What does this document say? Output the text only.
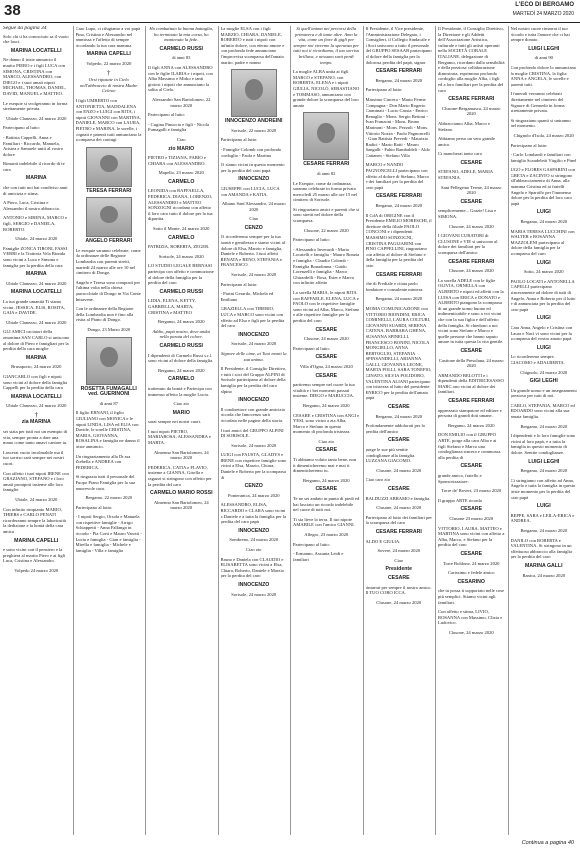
38	L'ECO DI BERGAMO
MARTEDÌ 24 MARZO 2020
Segue da pagina 34
Solo chi ti ha conosciuto sa il vuoto che lasci.
MARINA LOCATELLI
Ne danno il triste annuncio il marito PIERO e i figli LUCA con SIMONA, CRISTINA con MARCO, ALESSANDRO, con DIEGO e i suoi amati nipoti MICHAEL, THOMAS, DANIEL, DAVID, MANUEL e MATTEO.
Le esequie si svolgeranno in forma strettamente privata.
Ubiale Clanezzo, 24 marzo 2020
Partecipano al lutto:
- Battista Cappelli, Anna e Familiari - Riccardo, Manuela, Aristea e Samuele uniti al vostro dolore
Rimarrà indelebile il ricordo di te cara
MARINA
che con tutti noi hai condiviso anni di amicizia e stima.
A Piero, Luca, Cristina e Alessandro il nostro abbraccio.
ANTONIO e SIRENA, MARCO e figli, SERGIO e DANIELA, ROBERTO.
Ubiale, 24 marzo 2020
Famiglie ZONCA TIRONI, FASSI VERRI e la Trattoria Vela Bionda sono vicini a Luca e Simona e famiglia per la perdita della cara
MARINA
Ubiale Clanezzo, 24 marzo 2020
MARINA LOCATELLI
La tua grande umanità Ti siamo vicini. JESSICA, ELIS, ROSITA, GAIA e DAVIDE.
Ubiale Clanezzo, 24 marzo 2020
GLI AMICI caciatori della omonima SAN CARLO si uniscono al dolore di Piero e famigliari per la perdita della cara moglie
MARINA
Brusaporto, 24 marzo 2020
GIANCARLO con figli e nipoti sono vicini al dolore della famiglia Cappelli per la perdita della cara
MARINA LOCATELLI
Ubiale Clanezzo, 24 marzo 2020
†
zia MARINA
sei stata per tutti noi un esempio di vita, sempre pronta a dare una mano come tanto amavi cantare tu.
Lascerai vuoto incolmabile ma il tuo sorriso sarà sempre nei nostri cuori.
Con affetto i tuoi nipoti IRENE con GRAZIANO, STEFANO e i loro amati pronipoti insieme alle loro famiglie.
Ubiale, 24 marzo 2020
Con infinito rimpianto MARIO, THIERS e CARLO PENATI ricorderanno sempre la laboriosità la dedizione e la bontà della cara amica
MARINA CAPELLI
e sono vicini con il pensiero e la preghiera al marito Piero e ai figli Luca, Cristina e Alessandro.
Volpedo 24 marzo 2020
Caro Lupo, ci rifugiamo a voi papà Pino, Cristina e Alessandro nel ammissa e l'affetto di sempre ricordando la tua cara mamma
MARINA CAPELLI
Volpedo, 22 marzo 2020
†
Orsi ripasate in Cielo nell'abbraccio di nostra Madre Celeste
I figli UMBERTO con ANTONIETTA, MADDALENA con ENZO e LUIGI con RITA, i nipoti GIOVANNI con MARTINA, DANIELE, MARCO con LAURA, PIETRO e MARINA, le sorelle, i cognati e parenti tutti annunciano la scomparsa dei coniugi
TERESA FERRARI
ANGELO FERRARI
Le esequie saranno celebrate, come da ordinanze delle Regione Lombardia con parenti stretti, martedì 24 marzo alle ore 10 nel cimitero di Dongo.
Angelo e Teresa sono composti per l'ultima volta nella chiesa parrocchiale di Dongo in Via Conte Intravene.
Con le ordinanze della Regione della Lombardia non è fino alla visita al Piano dì Dongo.
Dongo, 23 Marzo 2020
ROSETTA FUMAGALLI ved. GUERINONI
di anni 87
Il figlio ERNANI, il figlio GIULIANO con MONICA e le nipoti LINDA, LISA ed ELIA con Davide, le sorelle CRISTINA, MARIA, GIOVANNA, ROSALINA e famiglia ne danno il triste annuncio.
Un ringraziamento alla Dr.ssa Ziebella e ANDREA con FEDERICA.
Si ringrazia tutti il personale del Fuopo Piano Famiglia per la sua amorevole cura.
Bergamo, 22 marzo 2020
Partecipano al lutto:
- I nipoti Sergio, Orsola e Manuela con rispettive famiglie - Arrigo Schiappetti - Anna Fallanga in ricordo - Pia Corti e Mauro Varotti - Lucia e famiglia - Gian e famiglia - Mirella e famiglia - Michele e famiglia - Villa e famiglia
Ho combattuto la buona battaglia, ho terminato la mia corsa, ho mantenuto la fede.
CARMELO RUSSI
di anni 83
Il figli ANNA con ALESSANDRO con le figlie ILARIA e i nipoti, con Alba Massimo e Mirko e tanti gioiosi i nipoti che annunciano la salita al Cielo.
Alessandro San Bartolomeo, 22 marzo 2020
Partecipano al lutto:
- Cugina Pinuccia e figli - Nicola Fumagalli e famiglia
Ciao
zio MARIO
PIETRO e TIZIANA, FABIO e CHIARA con ALESSANDRO.
Mapello, 23 marzo 2020
CARMELO
LEONIDA con RAFFAELLA, FEDERICA, DIANA, LORENZO, ALESSANDRO e MATTEO SONZOGNI ricordano con affetto il loro caro tutto il dolore per la tua dipartita.
Sotto il Monte, 24 marzo 2020
CARMELO
PATRIZIA, ROBERTA, ZEGER.
Sorisole, 24 marzo 2020
LO STUDIO LEGALE BERNASI partecipa con affetto e commozione al dolore della famiglia per la perdita del caro
CARMELO RUSSI
LIDIA, ELENA, KETTY, GABRIELLA, MARTA, CRISTINA e MATTEO
Bergamo, 24 marzo 2020
Addio, papà nostro, dove andai nella parata del colore.
CARMELO RUSSI
I dipendenti di Carmelo Russi s.r.l. sono vicini al dolore della famiglia.
Bergamo, 24 marzo 2020
CARMELO
trattenuto da bontà e Partecipa con immenso affetto la moglie Lucia.
Ciao zio
MARIO
sarai sempre nei nostri cuori.
I tuoi nipoti PIETRO, MARIAROSA, ALESSANDRA e MARTA.
Almenno San Bartolomeo, 24 marzo 2020
FEDERICA, CATIA e FLAVIO, insieme a GIANNA, Gisella e ragazzi si stringono con affetto per la perdita del caro
CARMELO MARIO ROSSI
Almenno San Bartolomeo, 24 marzo 2020
La moglie ELSA con i figli MARZIO, CHIARA, DANIELE, ROBERTO e tutti i nipoti con infinito dolore, con eterno amore e con profonda fede annunciano l'improvvisa scomparsa dell'amato marito, padre e nonno
INNOCENZO ANDREINI
Sorisole, 22 marzo 2020
Partecipano al lutto:
- Famiglie Colomb con profondo cordoglio - Paola e Martina
Ti siamo vicini in questo momento per la perdita del caro papà
INNOCENZO
GIUSEPPE con LUCIA, LUCA con AMANDA e KATIA.
Albano Sant'Alessandro, 24 marzo 2020
Ciao
CENZO
Ti ricorderemo sempre per la tua bontà e gentilezza e siamo vicini al dolore di Elsa, Marzio e famiglia, Daniele e Roberto. I tuoi affetti RENATA e RENO, STEFANIA e FRANCESCO.
Sorisole, 24 marzo 2020
Partecipano al lutto:
- Parini Gerardo, Michela ed Emiliano
GRAZIELLA con TIBERIO, LUCA e MARCO sono vicini con affetto ad Elsa e figli per la perdita del caro
INNOCENZO
Sorisole, 24 marzo 2020
Signore delle cime, ai Tuoi monti la sua anima.
Il Presidente, il Consiglio Direttivo, e tutti i soci del Gruppo ALPINI di Sorisole partecipano al dolore della famiglia per la perdita del caro alpino
INNOCENZO
Il condirettore con grande amicizia ricorda che Innocenzo sarà ricordato nelle pagine della storia.
I tuoi amici del GRUPPO ALPINI DI SORISOLE.
Sorisole, 24 marzo 2020
LUIGI con FAUSTA, GLADYS e IRENE con rispettive famiglie sono vicini a Elsa, Marzio, Chiara, Daniele e Roberto per la scomparsa di
CENZO
Ponteranica, 24 marzo 2020
ALESSANDRO, ELISA, RICCARDO e CLARA sono vicini a Daniele e a tutta la famiglia per la perdita del caro papà
INNOCENZO
Sombreno, 24 marzo 2020
Ciao zio
Bruno e Daniela con CLAUDIO e ELISABETTA sono vicini a Elsa, Chiara, Roberto, Daniele e Marzio per la perdita del caro
INNOCENZO
Sorisole, 24 marzo 2020
Si quell'anima nei percorsi della primavera e di tante altre. Amo la vita, come un fiore di gigli per sempre noi vivremo la speranza per tutti noi ti ricordiamo, il tuo sorriso brillava, e nessuno sarà perdi tempo.
La moglie ALBA unita ai figli MARCO e STEFANO, con ROBERTA, ELENA e i nipoti GIULIA, NICOLÒ, SEBASTIANO e TOMMASO, annunciano con grande dolore la scomparsa del loro amato
CESARE FERRARI
di anni 82
Le Esequie, come da ordinanza, saranno celebrate in forma privata mercoledì 25 marzo alle ore 15 nel cimitero di Sorisole.
Si ringraziano amici e parenti che si sono stretti nel dolore della scomparsa.
Clusone, 22 marzo 2020
Partecipano al lutto:
- Alessandro Inverardi - Mario Locatelli e famiglia - Mauro Ronzia e famiglia - Claudio Colomb - Famiglia Bonadonna - Guido Lorenzelli e famiglia - Marco Ghirardelli - Rosa, Ester e Marco con infinito affetto
La sorella MARIA, le nipoti RITA con RAFFAELE, ELENA, LUCA e PAOLO con le rispettive famiglie sono vicini ad Alba, Marco, Stefano e alle rispettive famiglie per la perdita del caro
CESARE
Clusone, 24 marzo 2020
Partecipano al lutto:
CESARE
Villa d'Ogna, 24 marzo 2020
CESARE
partiremo sempre nel cuore la tua vitalità e i bei momenti passati insieme. DIEGO e MARUCCIA.
Bergamo, 24 marzo 2020
CESARE e CRISTINA con ANGI e YESI, sono vicini a zia Alba, Marco e Stefano in questo momento di profonda tristezza.
Ciao zio
CESARE
Ti abbiamo voluto tanto bene, non ti dimenticheremo mai e mai ti dimenticheremo tu.
Bergamo, 24 marzo 2020
CESARE
Te ne sei andato in punta di piedi ed hai lasciato un ricordo indelebile nel cuore di tutti noi.
Ti sia lieve la terra. Il tuo nipote AMABILE con l'amico GIANNI.
Allegro, 23 marzo 2020
Partecipano al lutto:
- Ermanno, Assunta Leidi e familiari
Il Presidente, il Vice presidente, l'Amministrazione Delegato, i Consiglieri, il Collegio Sindacale e i Soci uniscono a tutto il personale del GRUPPO SESAAB partecipano al dolore della famiglia per la dolorosa perdita del papà, signor
CESARE FERRARI
Bergamo, 24 marzo 2020
Partecipano al lutto:
Massimo Cincera - Mario Ferme Compagna - Don Mario Rogerio Carminati - Lucio Cassia - Enrico Benaglio - Mons. Sergio Bettoni - Ivan Franzoni - Mons. Bruno Marinoni - Mons. Pezzoli - Mons. Vittorio Nozza - Paolo Pagnoncelli - Gian Battista Prevedi - Maurizio Radici - Mario Ratti - Mauro Sangalli - Fabio Rambaldeli - Aldo Cattaneo - Stefano Villa
MARCO e NANDO PAGNONCELLI partecipano con affetto al dolore di Stefano, Marco e dei familiari per la perdita del caro papà
CESARE FERRARI
Bergamo, 24 marzo 2020
Il CdA di ORIGINE con il Presidente EMILIO MORESCHI, il direttore della filiale PAOLO CONCONI e i dipendenti MASSIMO SONZOGNI, CRISTINA PAGLIARINI con PINO CAPPELLINI, ringraziano con affetto al dolore di Stefano e della famiglia per la perdita del caro
CESARE FERRARI
che di Prediale e citata parlo fondatore e consulente miniera.
Bergamo, 24 marzo 2020
MOMA COMUNICAZIONE con VITTORIO BIONDINI, ERICA COMINELLI, LAURA COLTURI, GIOVANNI SUARDI, SERENA CATENA, BARBARA GHENA, SUSANNA SPINELLI, FRANCESCO BONINI, NICOLA MONGIELLO, ANNA BERTOGLIO, STEFANIA SPINSANDELLI, ARIANNA GALLI, GIOVANNA LEONE, MARTA POLLI, SARA TONEFIO, GINATO, SILVIA POLIDORO, VALENTINA ALIANI partecipano con tristezza al lutto del presidente ENRICO per la perdita dell'amato papà
CESARE
Bergamo, 24 marzo 2020
Profondamente addolorati per la perdita dell'amico
CESARE
porge le sue più sentite condoglianze alla famiglia. LUZZANA GIACOMO.
Clusone, 24 marzo 2020
Ciao caro zio
CESARE
BALDUZZI ABRAMO e famiglia.
Clusone, 24 marzo 2020
Partecipano al lutto dei familiari per la scomparsa del caro
CESARE FERRARI
ALDO E GIULIA.
Sovere, 24 marzo 2020
Ciao
Presidente
CESARE
rimarrai per sempre il nostro amico. Il TUO CORO ICCA.
Clusone, 24 marzo 2020
Il Presidente, il Consiglio Direttivo, la Direzione e gli Addetti dell'Associazione Artistica, culturale e tutti gli artisti operanti nella SOCIETÀ CORALE ITALIANE, delegazione di Bergamo, ricordano dalla sensibilità e della preziosa collaborazione dimostrata, esprimono profondo cordoglio alla moglie Alba, i figli ed a loro familiari per la perdita del caro
CESARE FERRARI
Clusone-Bergamasca, 24 marzo 2020
Abbracciamo Alba, Marco e Stefano.
Abbiamo perso un vero grande amico.
Ci mancherai tanto caro
CESARE
STEFANO, ADELE, MARIA STEFANIA.
Sant Pellegrino Terme, 24 marzo 2020
CESARE
semplicemente... Grazie! Lisa e SIMONA.
Clusone, 24 marzo 2020
I GIOVANI CURATORI di CLUSONE e VIE si uniscono al dolore dei familiari per la scomparsa dell'amico
CESARE FERRARI
Clusone, 24 marzo 2020
La sorella ADELE con le figlie OLIVIA, ORNELLA con ALBERTO e nipoti ed affetti con la LUISA con ERICA e DONATO e ALBERTO piangono la scomparsa di un grande uomo buono ed indimenticabile e sono a voi vicini che con la sua figlia e dell'affetto della famiglia. Si chiedono a noi vicini sono Stefano e Marco e quelle persone che hanno saputo amare in tutta questa la vita gentile.
CESARE
Castione della Presolana, 24 marzo 2020
ARMANDO BELOTTI e i dipendenti della EDITRICESASSO MARC ono vicini al dolore dei familiari.
CESARE FERRARI
apprezzato stampatore ed editore e persona di grandi doti umane.
Bergamo, 24 marzo 2020
DON EMILIO con il GRUPPO ARTE, porge alla cara Alba e ai figli Stefano e Marco una condoglianza sincera e commossa alla perdita di
CESARE
grande amico, fratello e Sponsorizzatore.
Torre de' Roveri, 23 marzo 2020
Il gruppo ARTE ricorda
CESARE
Clusone 23 marzo 2020
VITTORIO, LAURA, MATTEO e MARTINA sono vicini con affetto a Alba, Marco, e Stefano per la perdita del caro
CESARE
Torre Boldone, 24 marzo 2020
Carissimo e fedele amico
CESARINO
che tu possa ti sopportato nelle cose più semplici. Stiamo vicini agli familiari.
Con affetto e stima, LIVIO, ROSANNA con Massimo, Clizia e Ludovico.
Clusone, 24 marzo 2020
Nel nostro cuore rimarrai il tuo ricordo e tutta l'amore che ci hai sempre donato.
LUIGI LEGHI
di anni 90
Con profondo dolore lo annunciano la moglie CRISTINA, la figlia ANNA e ANGELA, le sorelle e parenti tutti.
I funerali verranno celebrati direttamente nel cimitero del Signore di Gremedo in forma strettamente privata.
Si ringraziano quanti si uniranno nel momento.
Chignolo d'Isola, 24 marzo 2020
Partecipano al lutto:
- Carlo Lombardi e familiari con famiglia Scaudeletti Virgilio e Pinel
UGO e FLORES GASPARINI con GRETA e ZACINTO si stringono all'abbracciamento di Anna, alla mamma Cristina ed ai fratelli Angelo e Sparaffo per l'immenso dolore per la perdita del loro caro papà
LUIGI
Bergamo, 24 marzo 2020
MARIA TERESA LUCCHINI con WALTER e ROSANNA MAZZOLENI partecipano al dolore della famiglia per la scomparsa del caro
LUIGI
Sotto, 24 marzo 2020
PAOLO LOCATI e ANTONELLA CAPELLI partecipano sinceramente ad dolore di tutti di Angelo, Anna e Roberto per il lutto e di annunciata per la perdita del caro papà
LUIGI
Cara Anna, Angelo e Cristina con Laura e Nacì vi sono vicini per la scomparsa del vostro amato papà
LUIGI
Lo ricorderemo sempre. GIACOMO e ADALBERTA.
Chignolo, 24 marzo 2020
GIGI LEGHI
Un grande uomo e un insegnamento prezioso per tutti di noi.
CARLO, STEFANIA, MARCO ed EDOARDO sono vicini alla sua amata famiglia.
Bergamo, 24 marzo 2020
I dipendenti e lo loro famiglie sono vicini al loro papà, e a tutta la famiglia in questo momento di dolore. Sentite condoglianze.
LUIGI LEGHI
Bergamo, 24 marzo 2020
Ci stringiamo con affetto ad Anna, Angelo e tutta la famiglia in questo triste momento per la perdita del caro papà
LUIGI
BEPPE, SARA e LEILA-ERICA e ANDREA.
Bergamo, 24 marzo 2020
DANILO con ROBERTA e VALENTINA. Si stringono in un affettuoso abbraccio alla famiglia per la perdita del caro
MARINA GALLI
Ranica, 24 marzo 2020
Continua a pagina 40
